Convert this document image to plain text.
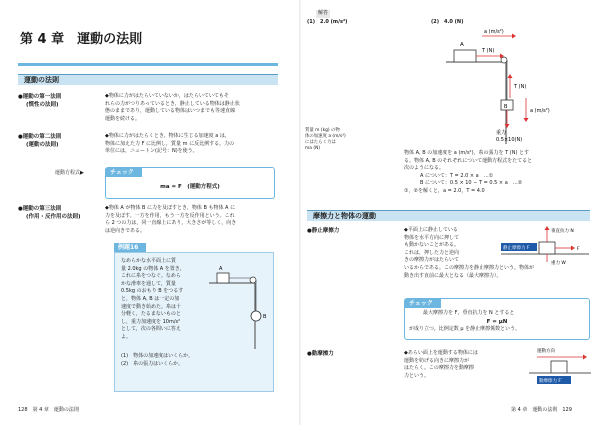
第 4 章　運動の法則
運動の法則
●運動の第一法則
(慣性の法則)
◆物体に力がはたらいていないか，はたらいていてもそ
れらの力がつりあっているとき，静止している物体は静止状
態のままであり，運動している物体はいつまでも等速直線
運動を続ける。
●運動の第二法則
(運動の法則)
◆物体に力がはたらくとき，物体に生じる加速度 a は，
物体に加えた力 F に比例し，質量 m に反比例する。力の
単位には，ニュートン(記号：N)を使う。
運動方程式▶	チェック
ma = F　(運動方程式)
●運動の第三法則
(作用・反作用の法則)
◆物体 A が物体 B に力を及ぼすとき，物体 B も物体 A に
力を及ぼす。一方を作用，もう一方を反作用という。これ
ら 2 つの力は，同一直線上にあり，大きさが等しく，向き
は逆向きである。
例題16
なめらかな水平面上に質
量 2.0kg の物体 A を置き，
これに糸をつなぐ。なめら
かな滑車を通して，質量
0.5kg のおもり B をつるす
と，物体 A, B は一定の加
速度で動き始めた。糸は十
分軽く，たるまないものと
し，重力加速度を 10m/s²
として，次の各問いに答え
よ。
(1)　物体の加速度はいくらか。
(2)　糸の張力はいくらか。
A
B
128　第 4 章　運動の法則
解答
(1)　2.0 (m/s²)	(2)　4.0 (N)
A
T (N)
a (m/s²)
T (N)
B
a (m/s²)
重力
0.5×10(N)
質量 m (kg) の物
体の加速度 a (m/s²)
にはたらく力は
ma (N)
物体 A, B の加速度を a (m/s²)，糸の張力を T (N) とす
る。物体 A, B のそれぞれについて運動方程式をたてると
次のようになる。
A について：T = 2.0 × a　…①
B について：0.5 × 10 − T = 0.5 × a　…②
①，②を解くと，a = 2.0，T = 4.0
摩擦力と物体の運動
●静止摩擦力	◆平面上に静止している
物体を水平方向に押して
も動かないことがある。
これは，押した力と逆向
きの摩擦力がはたらいて
いるからである。この摩擦力を静止摩擦力という。物体が
動き出す直前に最大となる（最大摩擦力）。
垂直抗力 N
静止摩擦力 F	F
重力 W
チェック
最大摩擦力を F，垂直抗力を N とすると
F = μN
が成り立つ。比例定数 μ を静止摩擦係数という。
●動摩擦力	◆あらい面上を運動する物体には
運動を妨げる向きに摩擦力が
はたらく。この摩擦力を動摩擦
力という。
運動方向
動摩擦力 F′
第 4 章　運動の法則　129
